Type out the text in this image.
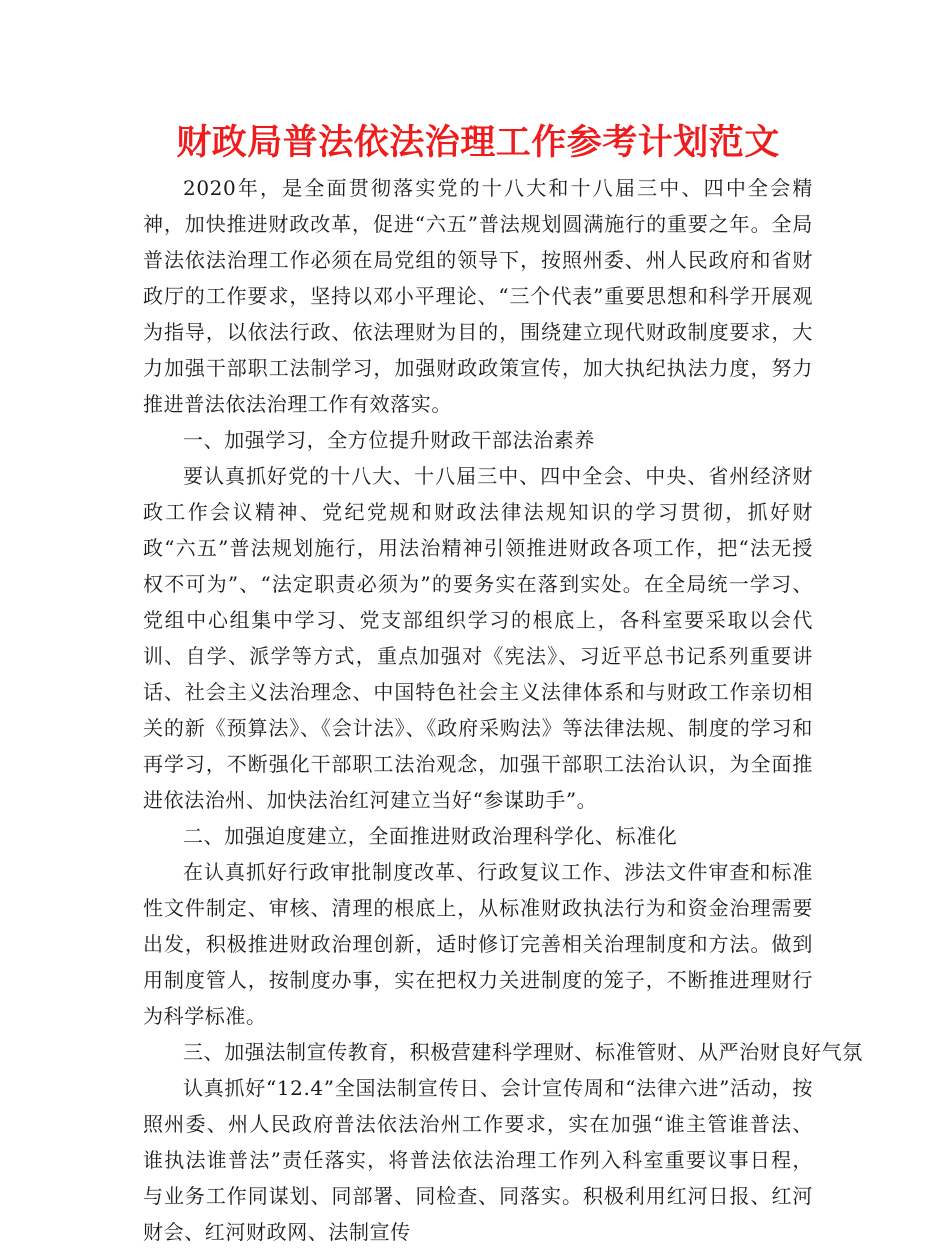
财政局普法依法治理工作参考计划范文

2020年，是全面贯彻落实党的十八大和十八届三中、四中全会精神，加快推进财政改革，促进“六五”普法规划圆满施行的重要之年。全局普法依法治理工作必须在局党组的领导下，按照州委、州人民政府和省财政厅的工作要求，坚持以邓小平理论、“三个代表”重要思想和科学开展观为指导，以依法行政、依法理财为目的，围绕建立现代财政制度要求，大力加强干部职工法制学习，加强财政政策宣传，加大执纪执法力度，努力推进普法依法治理工作有效落实。

一、加强学习，全方位提升财政干部法治素养

要认真抓好党的十八大、十八届三中、四中全会、中央、省州经济财政工作会议精神、党纪党规和财政法律法规知识的学习贯彻，抓好财政“六五”普法规划施行，用法治精神引领推进财政各项工作，把“法无授权不可为”、“法定职责必须为”的要务实在落到实处。在全局统一学习、党组中心组集中学习、党支部组织学习的根底上，各科室要采取以会代训、自学、派学等方式，重点加强对《宪法》、习近平总书记系列重要讲话、社会主义法治理念、中国特色社会主义法律体系和与财政工作亲切相关的新《预算法》、《会计法》、《政府采购法》等法律法规、制度的学习和再学习，不断强化干部职工法治观念，加强干部职工法治认识，为全面推进依法治州、加快法治红河建立当好“参谋助手”。

二、加强迫度建立，全面推进财政治理科学化、标准化

在认真抓好行政审批制度改革、行政复议工作、涉法文件审查和标准性文件制定、审核、清理的根底上，从标准财政执法行为和资金治理需要出发，积极推进财政治理创新，适时修订完善相关治理制度和方法。做到用制度管人，按制度办事，实在把权力关进制度的笼子，不断推进理财行为科学标准。

三、加强法制宣传教育，积极营建科学理财、标准管财、从严治财良好气氛

认真抓好“12.4”全国法制宣传日、会计宣传周和“法律六进”活动，按照州委、州人民政府普法依法治州工作要求，实在加强“谁主管谁普法、谁执法谁普法”责任落实，将普法依法治理工作列入科室重要议事日程，与业务工作同谋划、同部署、同检查、同落实。积极利用红河日报、红河财会、红河财政网、法制宣传
